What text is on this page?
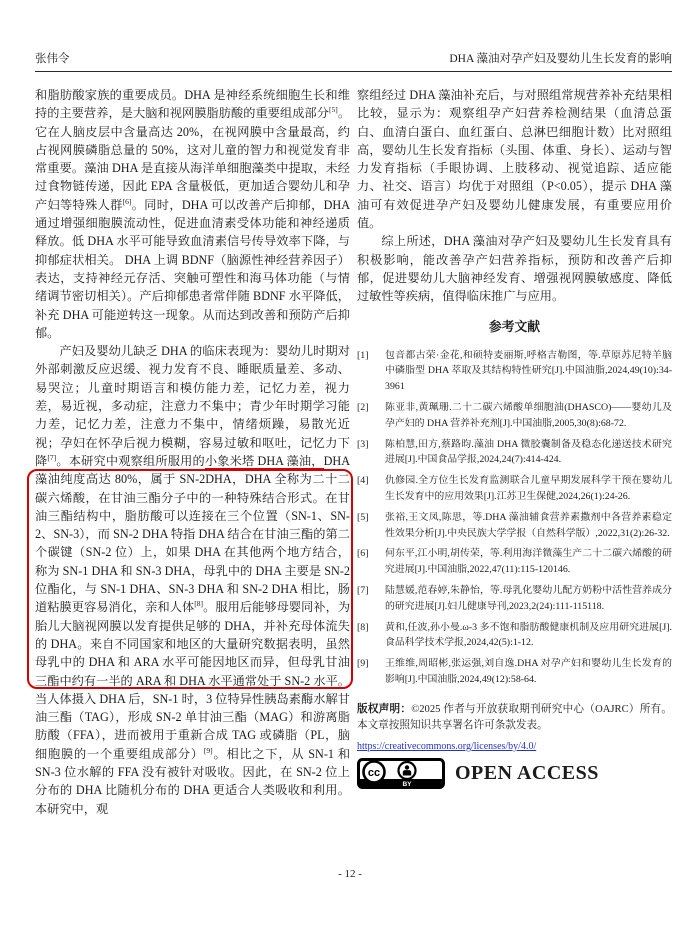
张伟令	DHA 藻油对孕产妇及婴幼儿生长发育的影响

和脂肪酸家族的重要成员。DHA 是神经系统细胞生长和维持的主要营养，是大脑和视网膜脂肪酸的重要组成部分[5]。它在人脑皮层中含量高达 20%，在视网膜中含量最高，约占视网膜磷脂总量的 50%，这对儿童的智力和视觉发育非常重要。藻油 DHA 是直接从海洋单细胞藻类中提取，未经过食物链传递，因此 EPA 含量极低，更加适合婴幼儿和孕产妇等特殊人群[6]。同时，DHA 可以改善产后抑郁，DHA 通过增强细胞膜流动性，促进血清素受体功能和神经递质释放。低 DHA 水平可能导致血清素信号传导效率下降，与抑郁症状相关。 DHA 上调 BDNF（脑源性神经营养因子）表达，支持神经元存活、突触可塑性和海马体功能（与情绪调节密切相关）。产后抑郁患者常伴随 BDNF 水平降低，补充 DHA 可能逆转这一现象。从而达到改善和预防产后抑郁。

产妇及婴幼儿缺乏 DHA 的临床表现为：婴幼儿时期对外部刺激反应迟缓、视力发育不良、睡眠质量差、多动、易哭泣；儿童时期语言和模仿能力差，记忆力差，视力差，易近视，多动症，注意力不集中；青少年时期学习能力差，记忆力差，注意力不集中，情绪烦躁，易散光近视；孕妇在怀孕后视力模糊，容易过敏和呕吐，记忆力下降[7]。本研究中观察组所服用的小象米塔 DHA 藻油，DHA 藻油纯度高达 80%，属于 SN-2DHA，DHA 全称为二十二碳六烯酸，在甘油三酯分子中的一种特殊结合形式。在甘油三酯结构中，脂肪酸可以连接在三个位置（SN-1、SN-2、SN-3），而 SN-2 DHA 特指 DHA 结合在甘油三酯的第二个碳键（SN-2 位）上，如果 DHA 在其他两个地方结合，称为 SN-1 DHA 和 SN-3 DHA，母乳中的 DHA 主要是 SN-2 位酯化，与 SN-1 DHA、SN-3 DHA 和 SN-2 DHA 相比，肠道粘膜更容易消化，亲和人体[8]。服用后能够母婴同补，为胎儿大脑视网膜以发育提供足够的 DHA，并补充母体流失的 DHA。来自不同国家和地区的大量研究数据表明，虽然母乳中的 DHA 和 ARA 水平可能因地区而异，但母乳甘油三酯中约有一半的 ARA 和 DHA 水平通常处于 SN-2 水平。当人体摄入 DHA 后，SN-1 时，3 位特异性胰岛素酶水解甘油三酯（TAG），形成 SN-2 单甘油三酯（MAG）和游离脂肪酸（FFA），进而被用于重新合成 TAG 或磷脂（PL，脑细胞膜的一个重要组成部分）[9]。相比之下，从 SN-1 和 SN-3 位水解的 FFA 没有被针对吸收。因此，在 SN-2 位上分布的 DHA 比随机分布的 DHA 更适合人类吸收和利用。本研究中，观

察组经过 DHA 藻油补充后，与对照组常规营养补充结果相比较，显示为：观察组孕产妇营养检测结果（血清总蛋白、血清白蛋白、血红蛋白、总淋巴细胞计数）比对照组高，婴幼儿生长发育指标（头围、体重、身长）、运动与智力发育指标（手眼协调、上肢移动、视觉追踪、适应能力、社交、语言）均优于对照组（P<0.05），提示 DHA 藻油可有效促进孕产妇及婴幼儿健康发展，有重要应用价值。

综上所述，DHA 藻油对孕产妇及婴幼儿生长发育具有积极影响，能改善孕产妇营养指标，预防和改善产后抑郁，促进婴幼儿大脑神经发育、增强视网膜敏感度、降低过敏性等疾病，值得临床推广与应用。

参考文献
[1] 包音都古荣·金花,和硕特麦丽斯,呼格吉勒图，等.草原苏尼特羊脑中磷脂型 DHA 萃取及其结构特性研究[J].中国油脂,2024,49(10):34-3961
[2] 陈亚非,黄珮珊.二十二碳六烯酸单细胞油(DHASCO)——婴幼儿及孕产妇的 DHA 营养补充剂[J].中国油脂,2005,30(8):68-72.
[3] 陈柏慧,田方,蔡路昀.藻油 DHA 微胶囊制备及稳态化递送技术研究进展[J].中国食品学报,2024,24(7):414-424.
[4] 仇修园.全方位生长发育监测联合儿童早期发展科学干预在婴幼儿生长发育中的应用效果[J].江苏卫生保健,2024,26(1):24-26.
[5] 张裕,王文凤,陈思，等.DHA 藻油辅食营养素撒剂中各营养素稳定性效果分析[J].中央民族大学学报（自然科学版）,2022,31(2):26-32.
[6] 何东平,江小明,胡传荣，等.利用海洋微藻生产二十二碳六烯酸的研究进展[J].中国油脂,2022,47(11):115-120146.
[7] 陆慧媛,范春婷,朱静怡，等.母乳化婴幼儿配方奶粉中活性营养成分的研究进展[J].妇儿健康导刊,2023,2(24):111-115118.
[8] 黄和,任波,孙小曼.ω-3 多不饱和脂肪酸健康机制及应用研究进展[J].食品科学技术学报,2024,42(5):1-12.
[9] 王维维,周昭彬,张运强,刘自逸.DHA 对孕产妇和婴幼儿生长发育的影响[J].中国油脂,2024,49(12):58-64.

版权声明：©2025 作者与开放获取期刊研究中心（OAJRC）所有。本文章按照知识共享署名许可条款发表。

https://creativecommons.org/licenses/by/4.0/
cc
BY
OPEN ACCESS
- 12 -
